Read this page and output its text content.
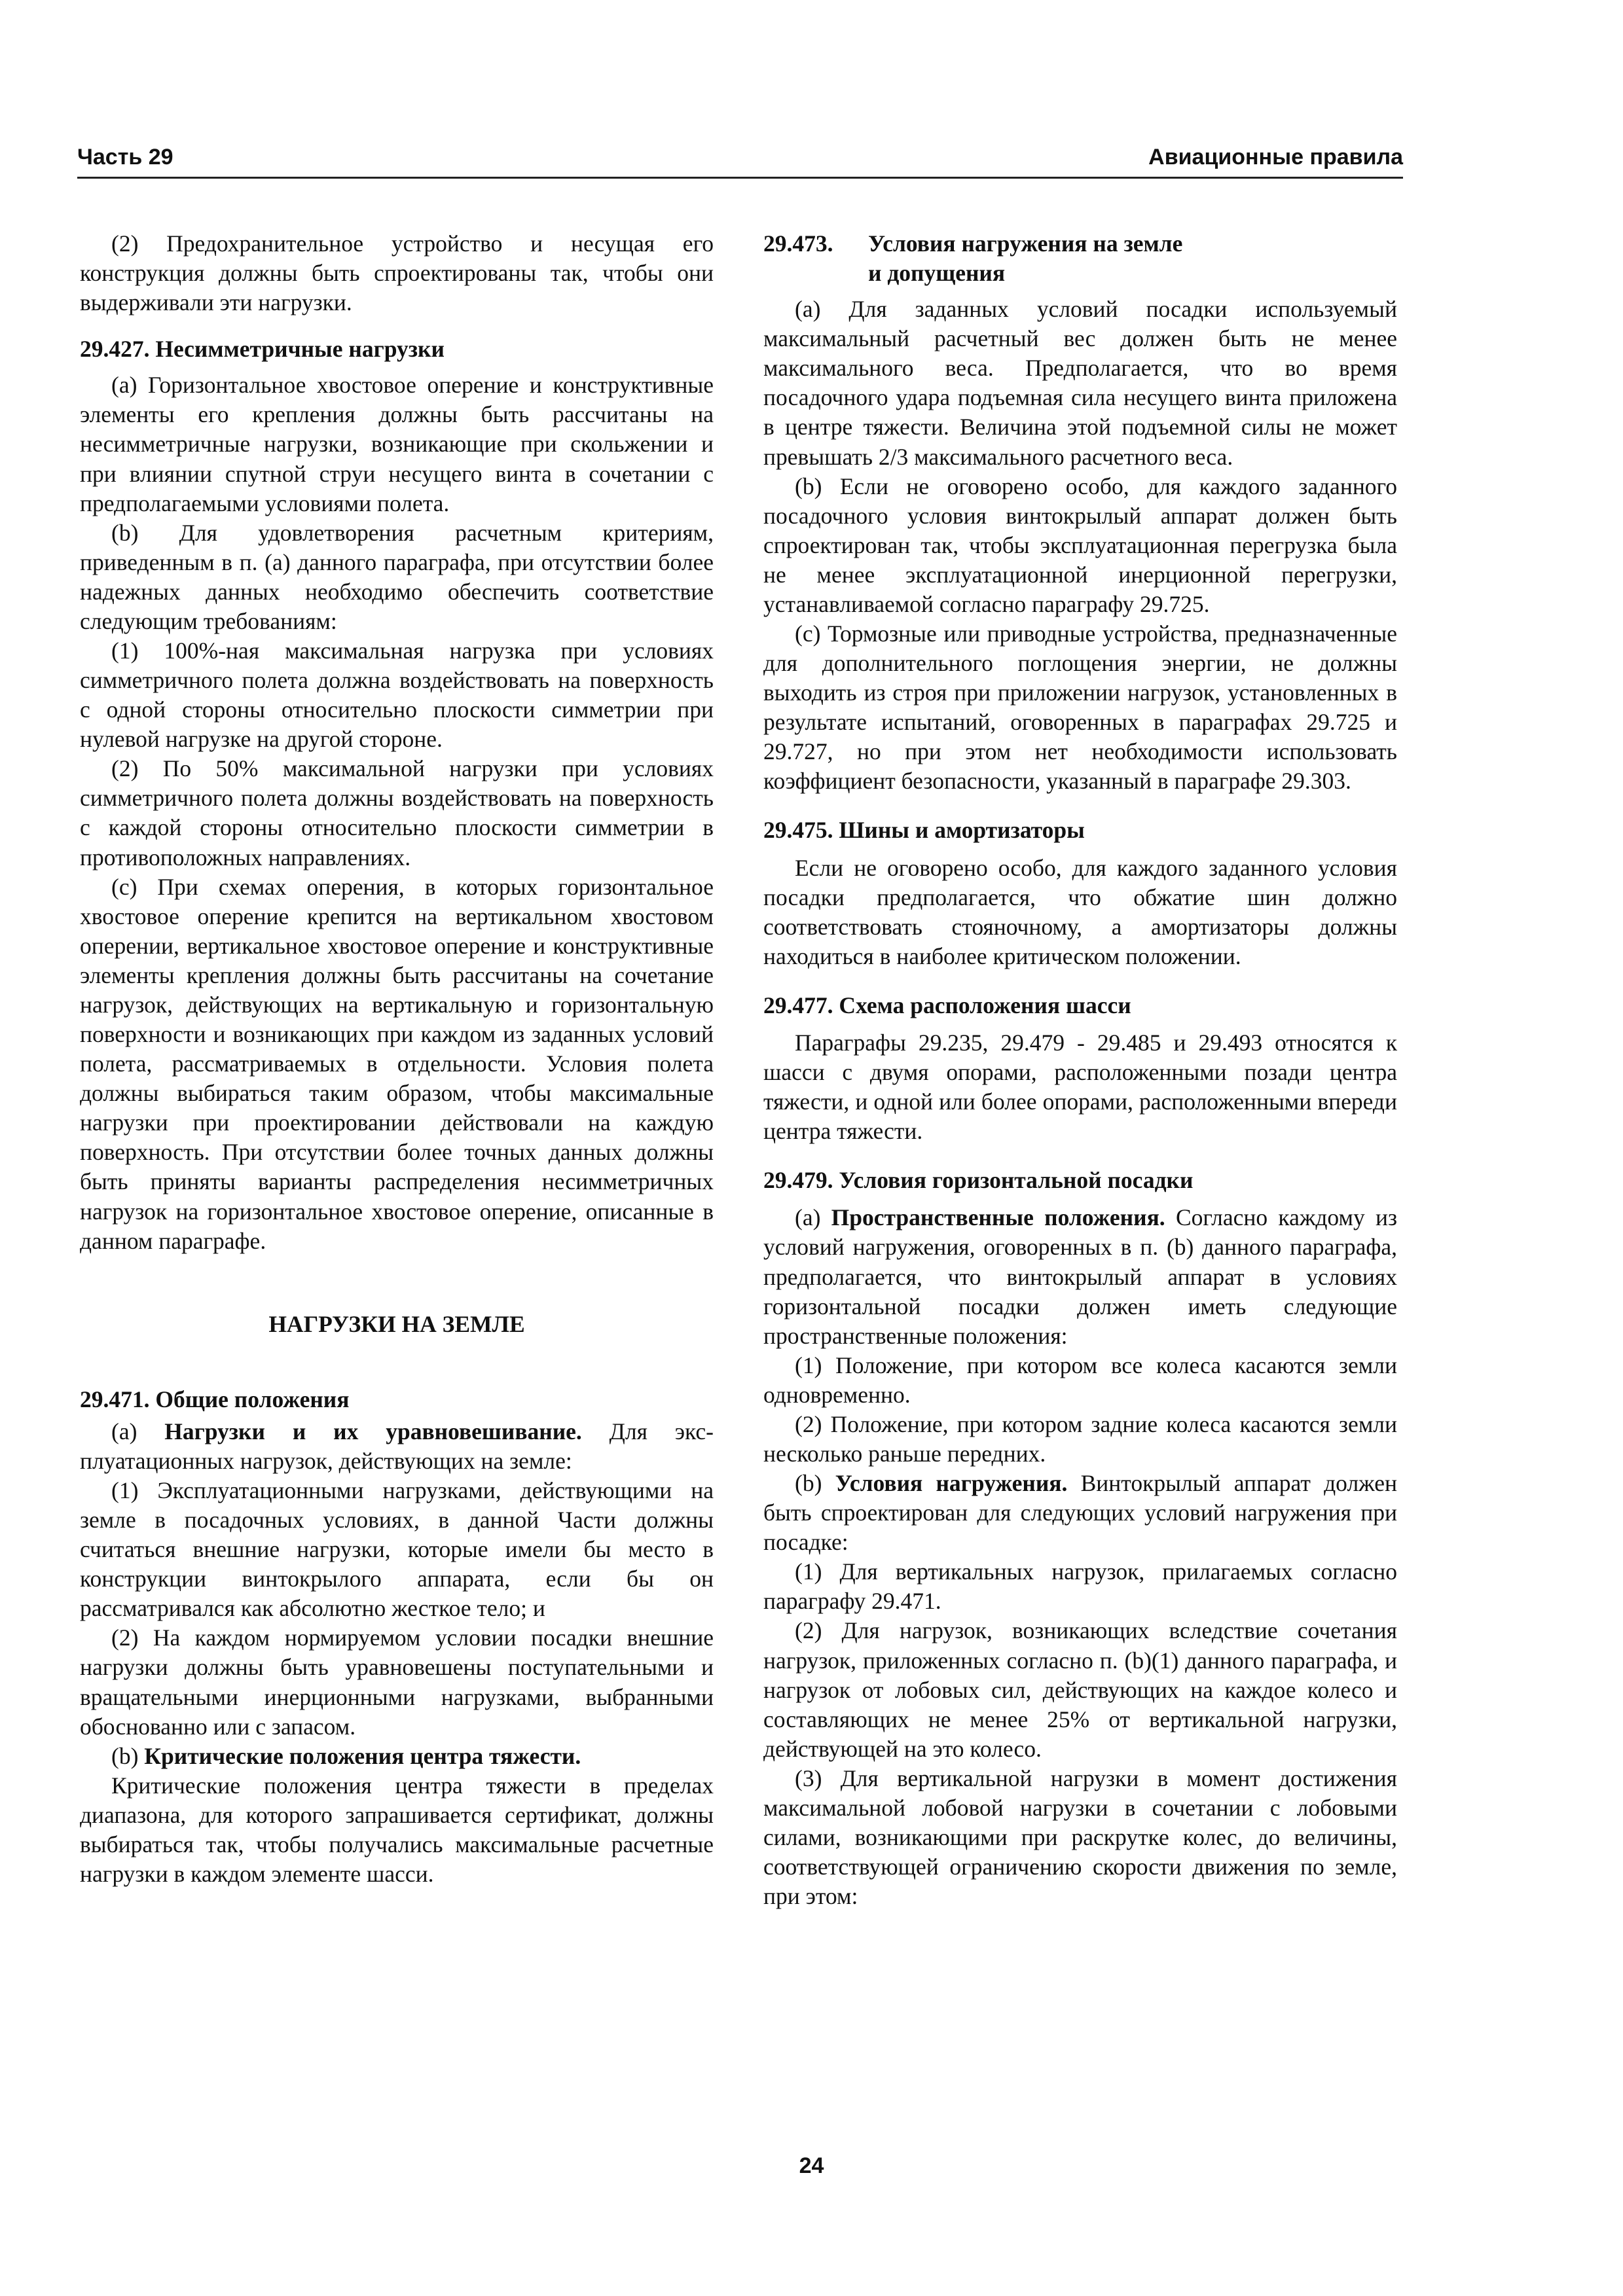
Часть 29	Авиационные правила

(2) Предохранительное устройство и несущая его конструкция должны быть спроектированы так, чтобы они выдерживали эти нагрузки.

29.427. Несимметричные нагрузки

(a) Горизонтальное хвостовое оперение и конструктивные элементы его крепления должны быть рассчитаны на несимметричные нагрузки, возникающие при скольжении и при влиянии спутной струи несущего винта в сочетании с предполагаемыми условиями полета.

(b) Для удовлетворения расчетным критериям, приведенным в п. (a) данного параграфа, при отсутствии более надежных данных необходимо обеспечить соответствие следующим требованиям:

(1) 100%-ная максимальная нагрузка при условиях симметричного полета должна воздействовать на поверхность с одной стороны относительно плоскости симметрии при нулевой нагрузке на другой стороне.

(2) По 50% максимальной нагрузки при условиях симметричного полета должны воздействовать на поверхность с каждой стороны относительно плоскости симметрии в противоположных направлениях.

(c) При схемах оперения, в которых горизонтальное хвостовое оперение крепится на вертикальном хвостовом оперении, вертикальное хвостовое оперение и конструктивные элементы крепления должны быть рассчитаны на сочетание нагрузок, действующих на вертикальную и горизонтальную поверхности и возникающих при каждом из заданных условий полета, рассматриваемых в отдельности. Условия полета должны выбираться таким образом, чтобы максимальные нагрузки при проектировании действовали на каждую поверхность. При отсутствии более точных данных должны быть приняты варианты распределения несимметричных нагрузок на горизонтальное хвостовое оперение, описанные в данном параграфе.

НАГРУЗКИ НА ЗЕМЛЕ
29.471. Общие положения

(a) Нагрузки и их уравновешивание. Для эксплуатационных нагрузок, действующих на земле:

(1) Эксплуатационными нагрузками, действующими на земле в посадочных условиях, в данной Части должны считаться внешние нагрузки, которые имели бы место в конструкции винтокрылого аппарата, если бы он рассматривался как абсолютно жесткое тело; и

(2) На каждом нормируемом условии посадки внешние нагрузки должны быть уравновешены поступательными и вращательными инерционными нагрузками, выбранными обоснованно или с запасом.

(b) Критические положения центра тяжести.

Критические положения центра тяжести в пределах диапазона, для которого запрашивается сертификат, должны выбираться так, чтобы получались максимальные расчетные нагрузки в каждом элементе шасси.

29.473. Условия нагружения на земле
и допущения

(a) Для заданных условий посадки используемый максимальный расчетный вес должен быть не менее максимального веса. Предполагается, что во время посадочного удара подъемная сила несущего винта приложена в центре тяжести. Величина этой подъемной силы не может превышать 2/3 максимального расчетного веса.

(b) Если не оговорено особо, для каждого заданного посадочного условия винтокрылый аппарат должен быть спроектирован так, чтобы эксплуатационная перегрузка была не менее эксплуатационной инерционной перегрузки, устанавливаемой согласно параграфу 29.725.

(c) Тормозные или приводные устройства, предназначенные для дополнительного поглощения энергии, не должны выходить из строя при приложении нагрузок, установленных в результате испытаний, оговоренных в параграфах 29.725 и 29.727, но при этом нет необходимости использовать коэффициент безопасности, указанный в параграфе 29.303.

29.475. Шины и амортизаторы

Если не оговорено особо, для каждого заданного условия посадки предполагается, что обжатие шин должно соответствовать стояночному, а амортизаторы должны находиться в наиболее критическом положении.

29.477. Схема расположения шасси

Параграфы 29.235, 29.479 - 29.485 и 29.493 относятся к шасси с двумя опорами, расположенными позади центра тяжести, и одной или более опорами, расположенными впереди центра тяжести.

29.479. Условия горизонтальной посадки

(a) Пространственные положения. Согласно каждому из условий нагружения, оговоренных в п. (b) данного параграфа, предполагается, что винтокрылый аппарат в условиях горизонтальной посадки должен иметь следующие пространственные положения:

(1) Положение, при котором все колеса касаются земли одновременно.

(2) Положение, при котором задние колеса касаются земли несколько раньше передних.

(b) Условия нагружения. Винтокрылый аппарат должен быть спроектирован для следующих условий нагружения при посадке:

(1) Для вертикальных нагрузок, прилагаемых согласно параграфу 29.471.

(2) Для нагрузок, возникающих вследствие сочетания нагрузок, приложенных согласно п. (b)(1) данного параграфа, и нагрузок от лобовых сил, действующих на каждое колесо и составляющих не менее 25% от вертикальной нагрузки, действующей на это колесо.

(3) Для вертикальной нагрузки в момент достижения максимальной лобовой нагрузки в сочетании с лобовыми силами, возникающими при раскрутке колес, до величины, соответствующей ограничению скорости движения по земле, при этом:

24
